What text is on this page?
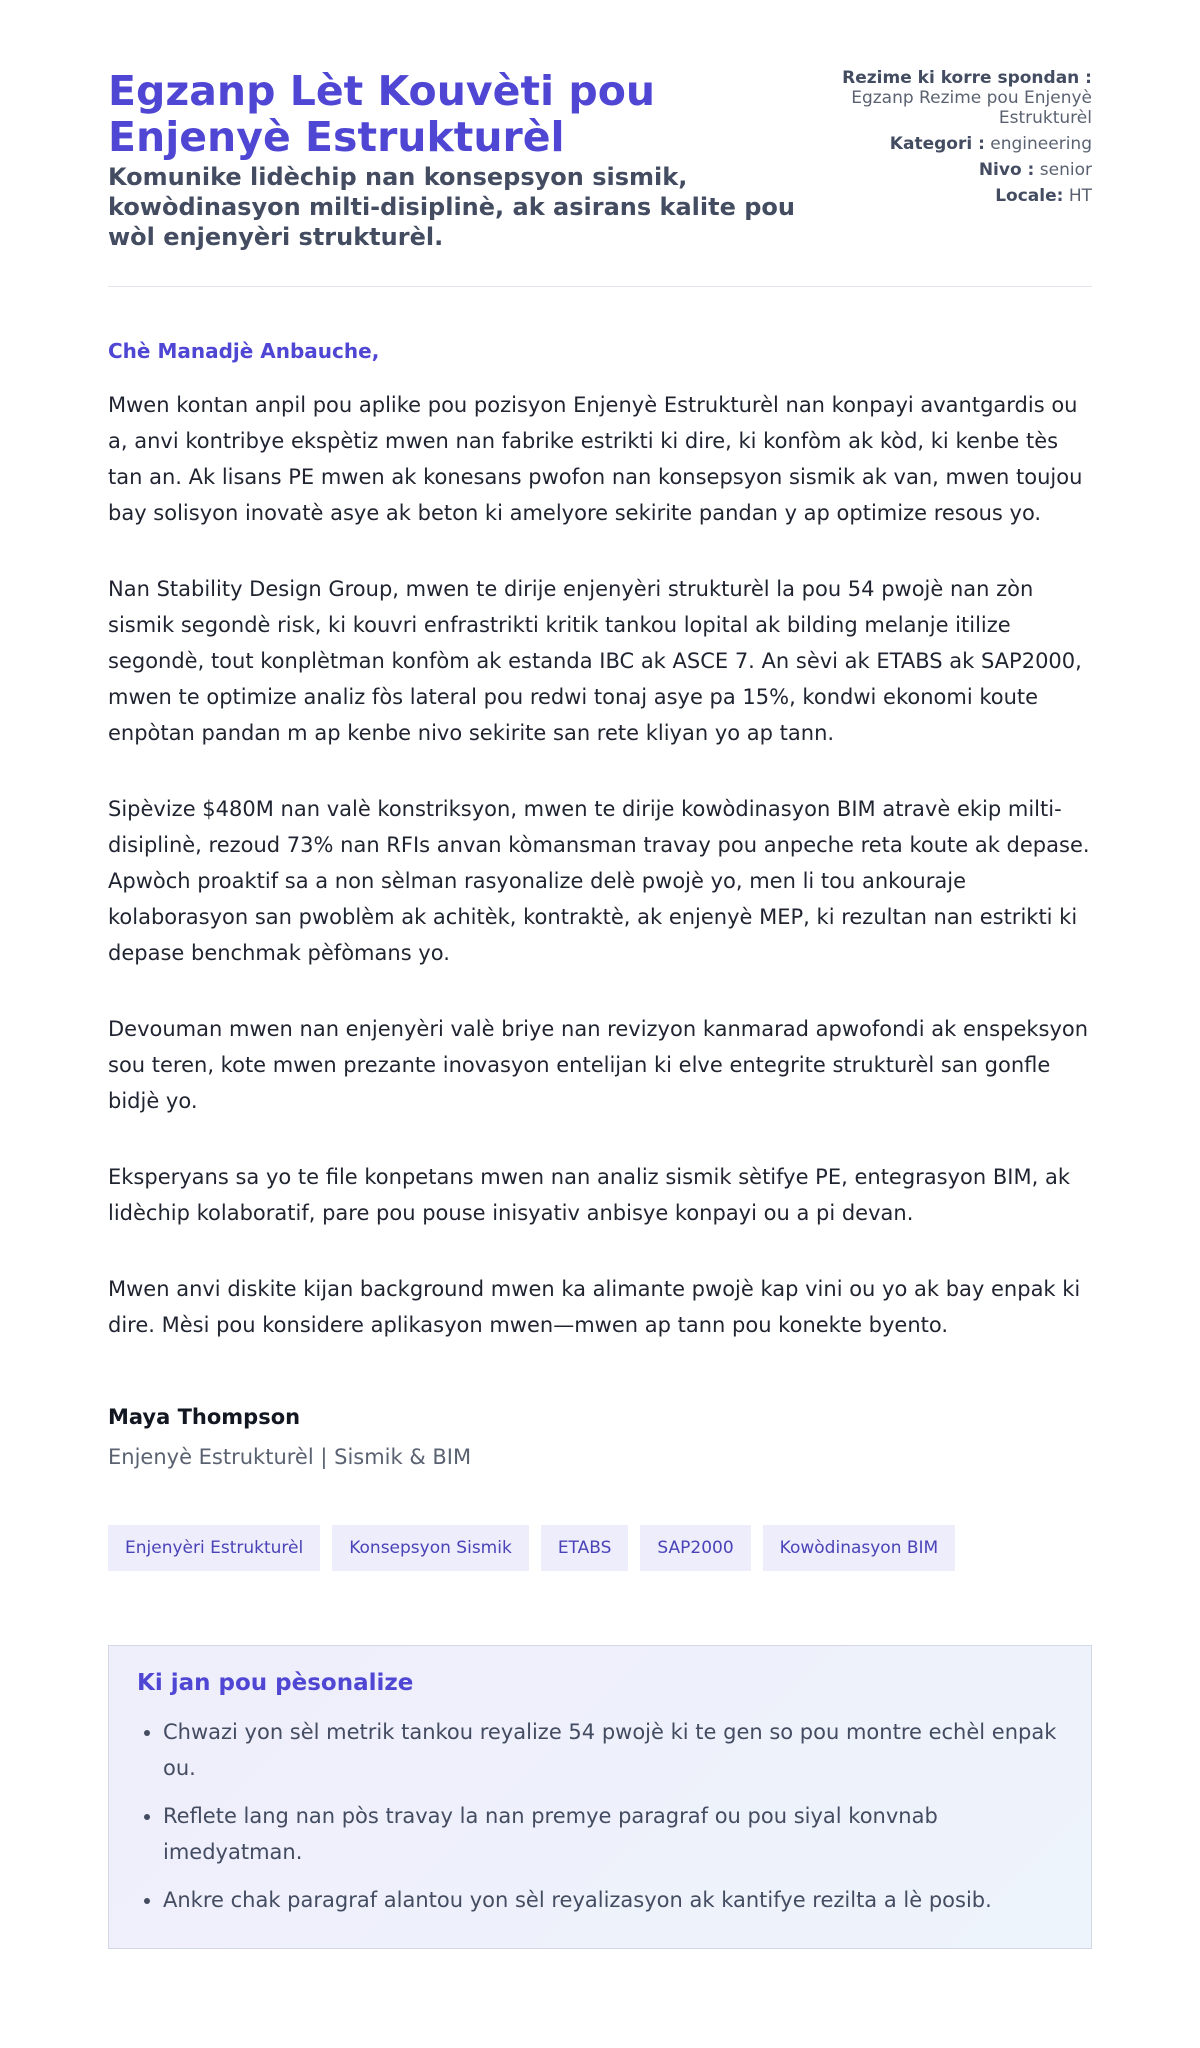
Egzanp Lèt Kouvèti pou Enjenyè Estrukturèl

Komunike lidèchip nan konsepsyon sismik, kowòdinasyon milti-disiplinè, ak asirans kalite pou wòl enjenyèri strukturèl.

Rezime ki korre spondan : Egzanp Rezime pou Enjenyè Estrukturèl
Kategori : engineering
Nivo : senior
Locale: HT

Chè Manadjè Anbauche,

Mwen kontan anpil pou aplike pou pozisyon Enjenyè Estrukturèl nan konpayi avantgardis ou a, anvi kontribye ekspètiz mwen nan fabrike estrikti ki dire, ki konfòm ak kòd, ki kenbe tès tan an. Ak lisans PE mwen ak konesans pwofon nan konsepsyon sismik ak van, mwen toujou bay solisyon inovatè asye ak beton ki amelyore sekirite pandan y ap optimize resous yo.

Nan Stability Design Group, mwen te dirije enjenyèri strukturèl la pou 54 pwojè nan zòn sismik segondè risk, ki kouvri enfrastrikti kritik tankou lopital ak bilding melanje itilize segondè, tout konplètman konfòm ak estanda IBC ak ASCE 7. An sèvi ak ETABS ak SAP2000, mwen te optimize analiz fòs lateral pou redwi tonaj asye pa 15%, kondwi ekonomi koute enpòtan pandan m ap kenbe nivo sekirite san rete kliyan yo ap tann.

Sipèvize $480M nan valè konstriksyon, mwen te dirije kowòdinasyon BIM atravè ekip milti-disiplinè, rezoud 73% nan RFIs anvan kòmansman travay pou anpeche reta koute ak depase. Apwòch proaktif sa a non sèlman rasyonalize delè pwojè yo, men li tou ankouraje kolaborasyon san pwoblèm ak achitèk, kontraktè, ak enjenyè MEP, ki rezultan nan estrikti ki depase benchmak pèfòmans yo.

Devouman mwen nan enjenyèri valè briye nan revizyon kanmarad apwofondi ak enspeksyon sou teren, kote mwen prezante inovasyon entelijan ki elve entegrite strukturèl san gonfle bidjè yo.

Eksperyans sa yo te file konpetans mwen nan analiz sismik sètifye PE, entegrasyon BIM, ak lidèchip kolaboratif, pare pou pouse inisyativ anbisye konpayi ou a pi devan.

Mwen anvi diskite kijan background mwen ka alimante pwojè kap vini ou yo ak bay enpak ki dire. Mèsi pou konsidere aplikasyon mwen—mwen ap tann pou konekte byento.

Maya Thompson
Enjenyè Estrukturèl | Sismik & BIM
Enjenyèri Estrukturèl	Konsepsyon Sismik	ETABS	SAP2000	Kowòdinasyon BIM
Ki jan pou pèsonalize
• Chwazi yon sèl metrik tankou reyalize 54 pwojè ki te gen so pou montre echèl enpak ou.
• Reflete lang nan pòs travay la nan premye paragraf ou pou siyal konvnab imedyatman.
• Ankre chak paragraf alantou yon sèl reyalizasyon ak kantifye rezilta a lè posib.
